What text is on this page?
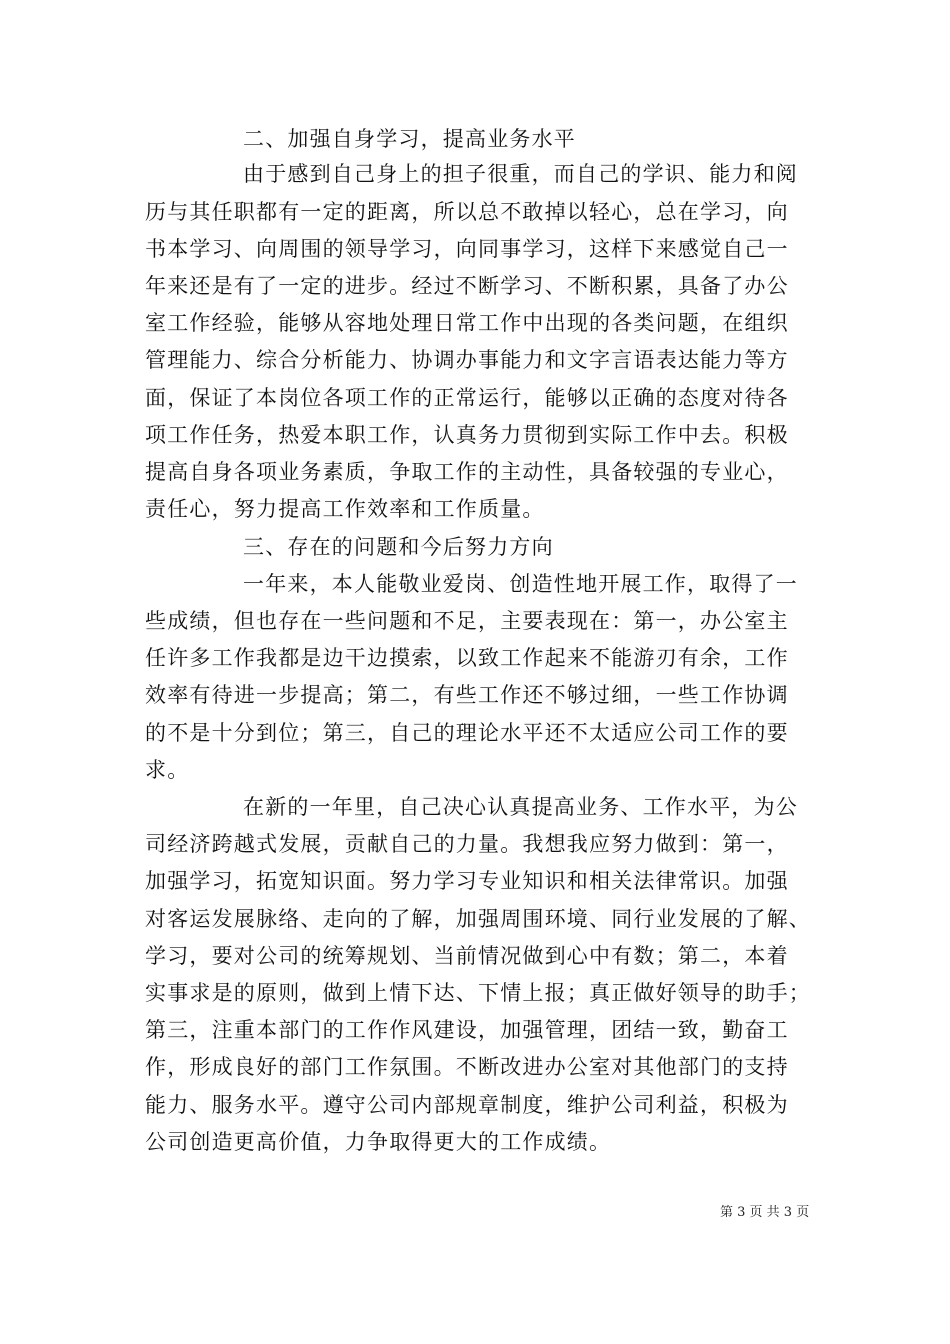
二、加强自身学习，提高业务水平
由于感到自己身上的担子很重，而自己的学识、能力和阅
历与其任职都有一定的距离，所以总不敢掉以轻心，总在学习，向
书本学习、向周围的领导学习，向同事学习，这样下来感觉自己一
年来还是有了一定的进步。经过不断学习、不断积累，具备了办公
室工作经验，能够从容地处理日常工作中出现的各类问题，在组织
管理能力、综合分析能力、协调办事能力和文字言语表达能力等方
面，保证了本岗位各项工作的正常运行，能够以正确的态度对待各
项工作任务，热爱本职工作，认真务力贯彻到实际工作中去。积极
提高自身各项业务素质，争取工作的主动性，具备较强的专业心，
责任心，努力提高工作效率和工作质量。
三、存在的问题和今后努力方向
一年来，本人能敬业爱岗、创造性地开展工作，取得了一
些成绩，但也存在一些问题和不足，主要表现在：第一，办公室主
任许多工作我都是边干边摸索，以致工作起来不能游刃有余，工作
效率有待进一步提高；第二，有些工作还不够过细，一些工作协调
的不是十分到位；第三，自己的理论水平还不太适应公司工作的要
求。
在新的一年里，自己决心认真提高业务、工作水平，为公
司经济跨越式发展，贡献自己的力量。我想我应努力做到：第一，
加强学习，拓宽知识面。努力学习专业知识和相关法律常识。加强
对客运发展脉络、走向的了解，加强周围环境、同行业发展的了解、
学习，要对公司的统筹规划、当前情况做到心中有数；第二，本着
实事求是的原则，做到上情下达、下情上报；真正做好领导的助手；
第三，注重本部门的工作作风建设，加强管理，团结一致，勤奋工
作，形成良好的部门工作氛围。不断改进办公室对其他部门的支持
能力、服务水平。遵守公司内部规章制度，维护公司利益，积极为
公司创造更高价值，力争取得更大的工作成绩。
第 3 页 共 3 页
